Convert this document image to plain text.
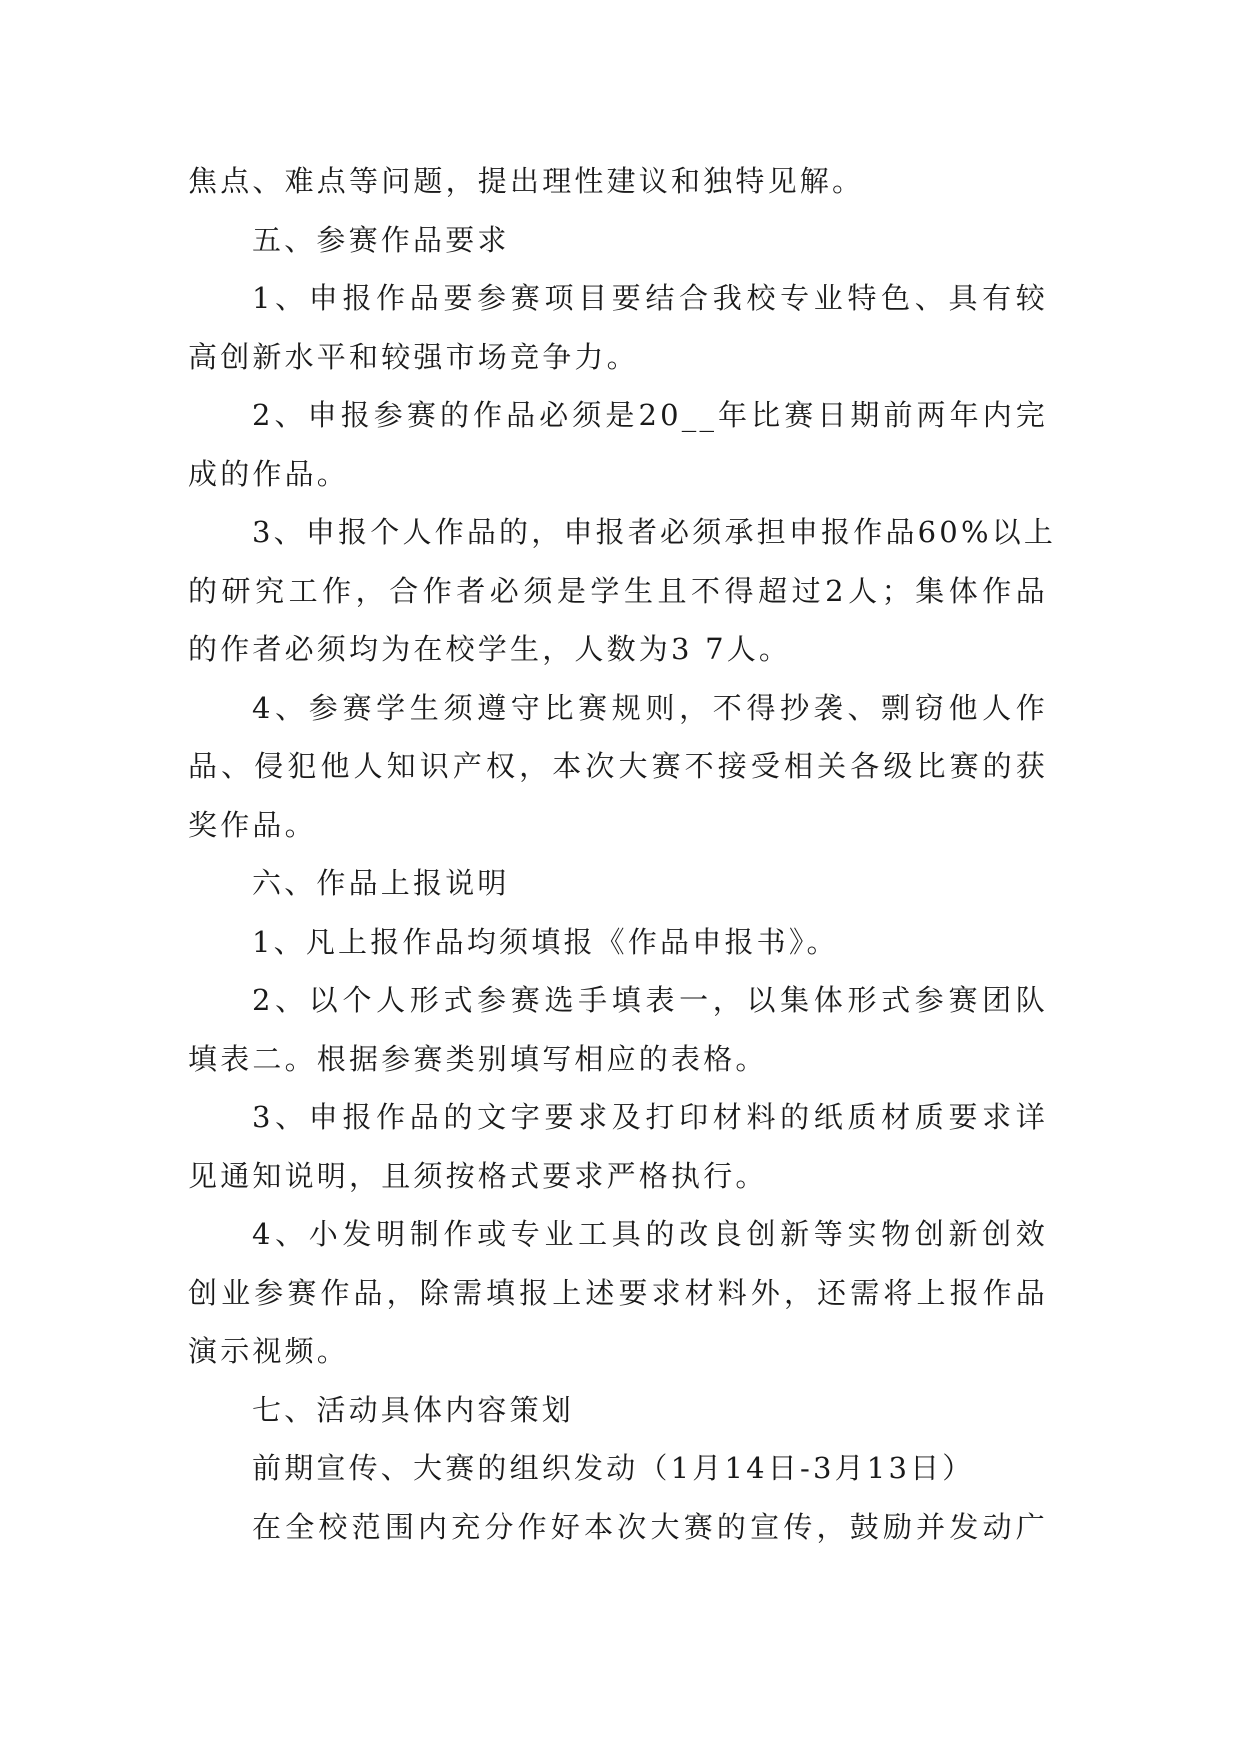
焦点、难点等问题，提出理性建议和独特见解。
五、参赛作品要求
1、申报作品要参赛项目要结合我校专业特色、具有较
高创新水平和较强市场竞争力。
2、申报参赛的作品必须是20__年比赛日期前两年内完
成的作品。
3、申报个人作品的，申报者必须承担申报作品60%以上
的研究工作，合作者必须是学生且不得超过2人；集体作品
的作者必须均为在校学生，人数为3 7人。
4、参赛学生须遵守比赛规则，不得抄袭、剽窃他人作
品、侵犯他人知识产权，本次大赛不接受相关各级比赛的获
奖作品。
六、作品上报说明
1、凡上报作品均须填报《作品申报书》。
2、以个人形式参赛选手填表一，以集体形式参赛团队
填表二。根据参赛类别填写相应的表格。
3、申报作品的文字要求及打印材料的纸质材质要求详
见通知说明，且须按格式要求严格执行。
4、小发明制作或专业工具的改良创新等实物创新创效
创业参赛作品，除需填报上述要求材料外，还需将上报作品
演示视频。
七、活动具体内容策划
前期宣传、大赛的组织发动（1月14日-3月13日）
在全校范围内充分作好本次大赛的宣传，鼓励并发动广
